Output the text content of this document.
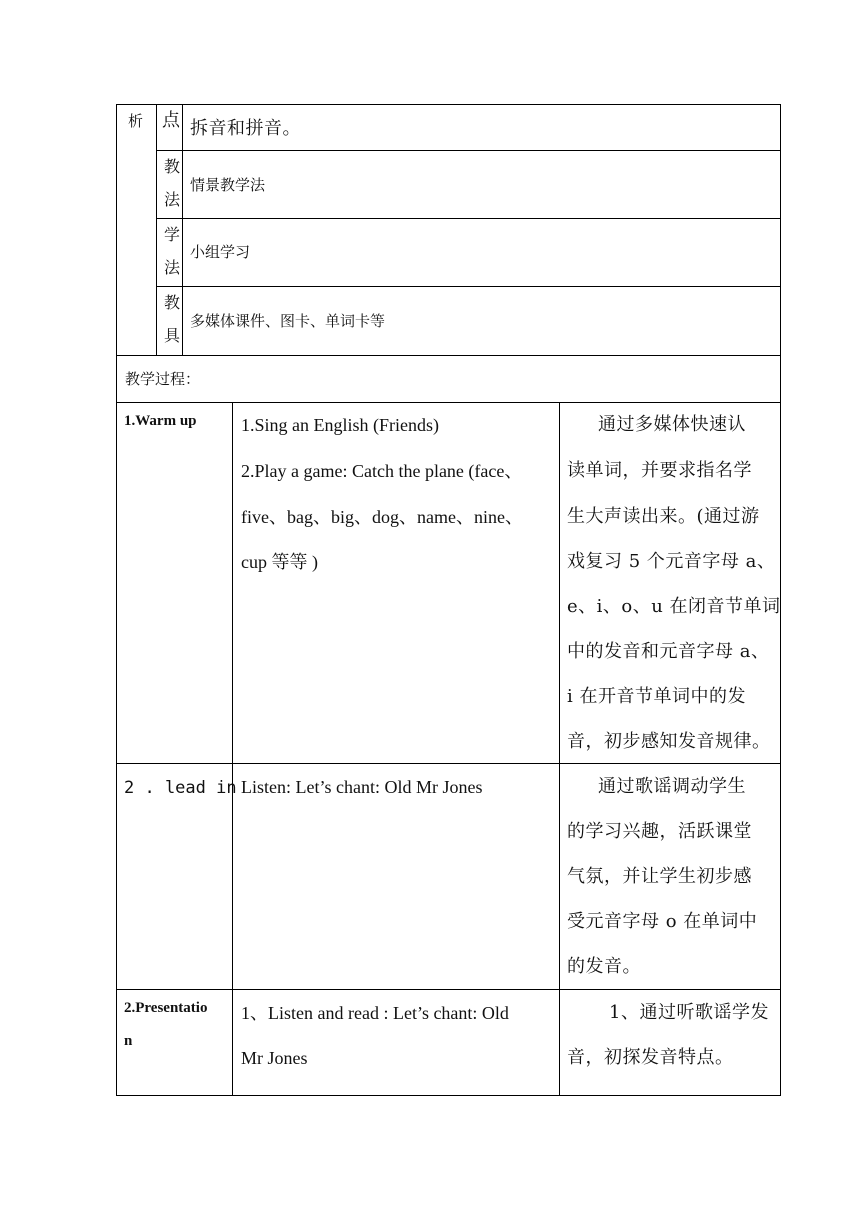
析 点 拆音和拼音。
教
法
情景教学法
学
法
小组学习
教
具
多媒体课件、图卡、单词卡等
教学过程：
1.Warm up 1.Sing an English (Friends)
2.Play a game: Catch the plane (face、
five、bag、big、dog、name、nine、
cup 等等 )
通过多媒体快速认
读单词，并要求指名学
生大声读出来。(通过游
戏复习 5 个元音字母 a、
e、i、o、u 在闭音节单词
中的发音和元音字母 a、
i 在开音节单词中的发
音，初步感知发音规律。
2 . lead in Listen: Let’s chant: Old Mr Jones	通过歌谣调动学生
的学习兴趣，活跃课堂
气氛，并让学生初步感
受元音字母 o 在单词中
的发音。
2.Presentatio
n
1、Listen and read : Let’s chant: Old
Mr Jones
1、通过听歌谣学发
音，初探发音特点。
